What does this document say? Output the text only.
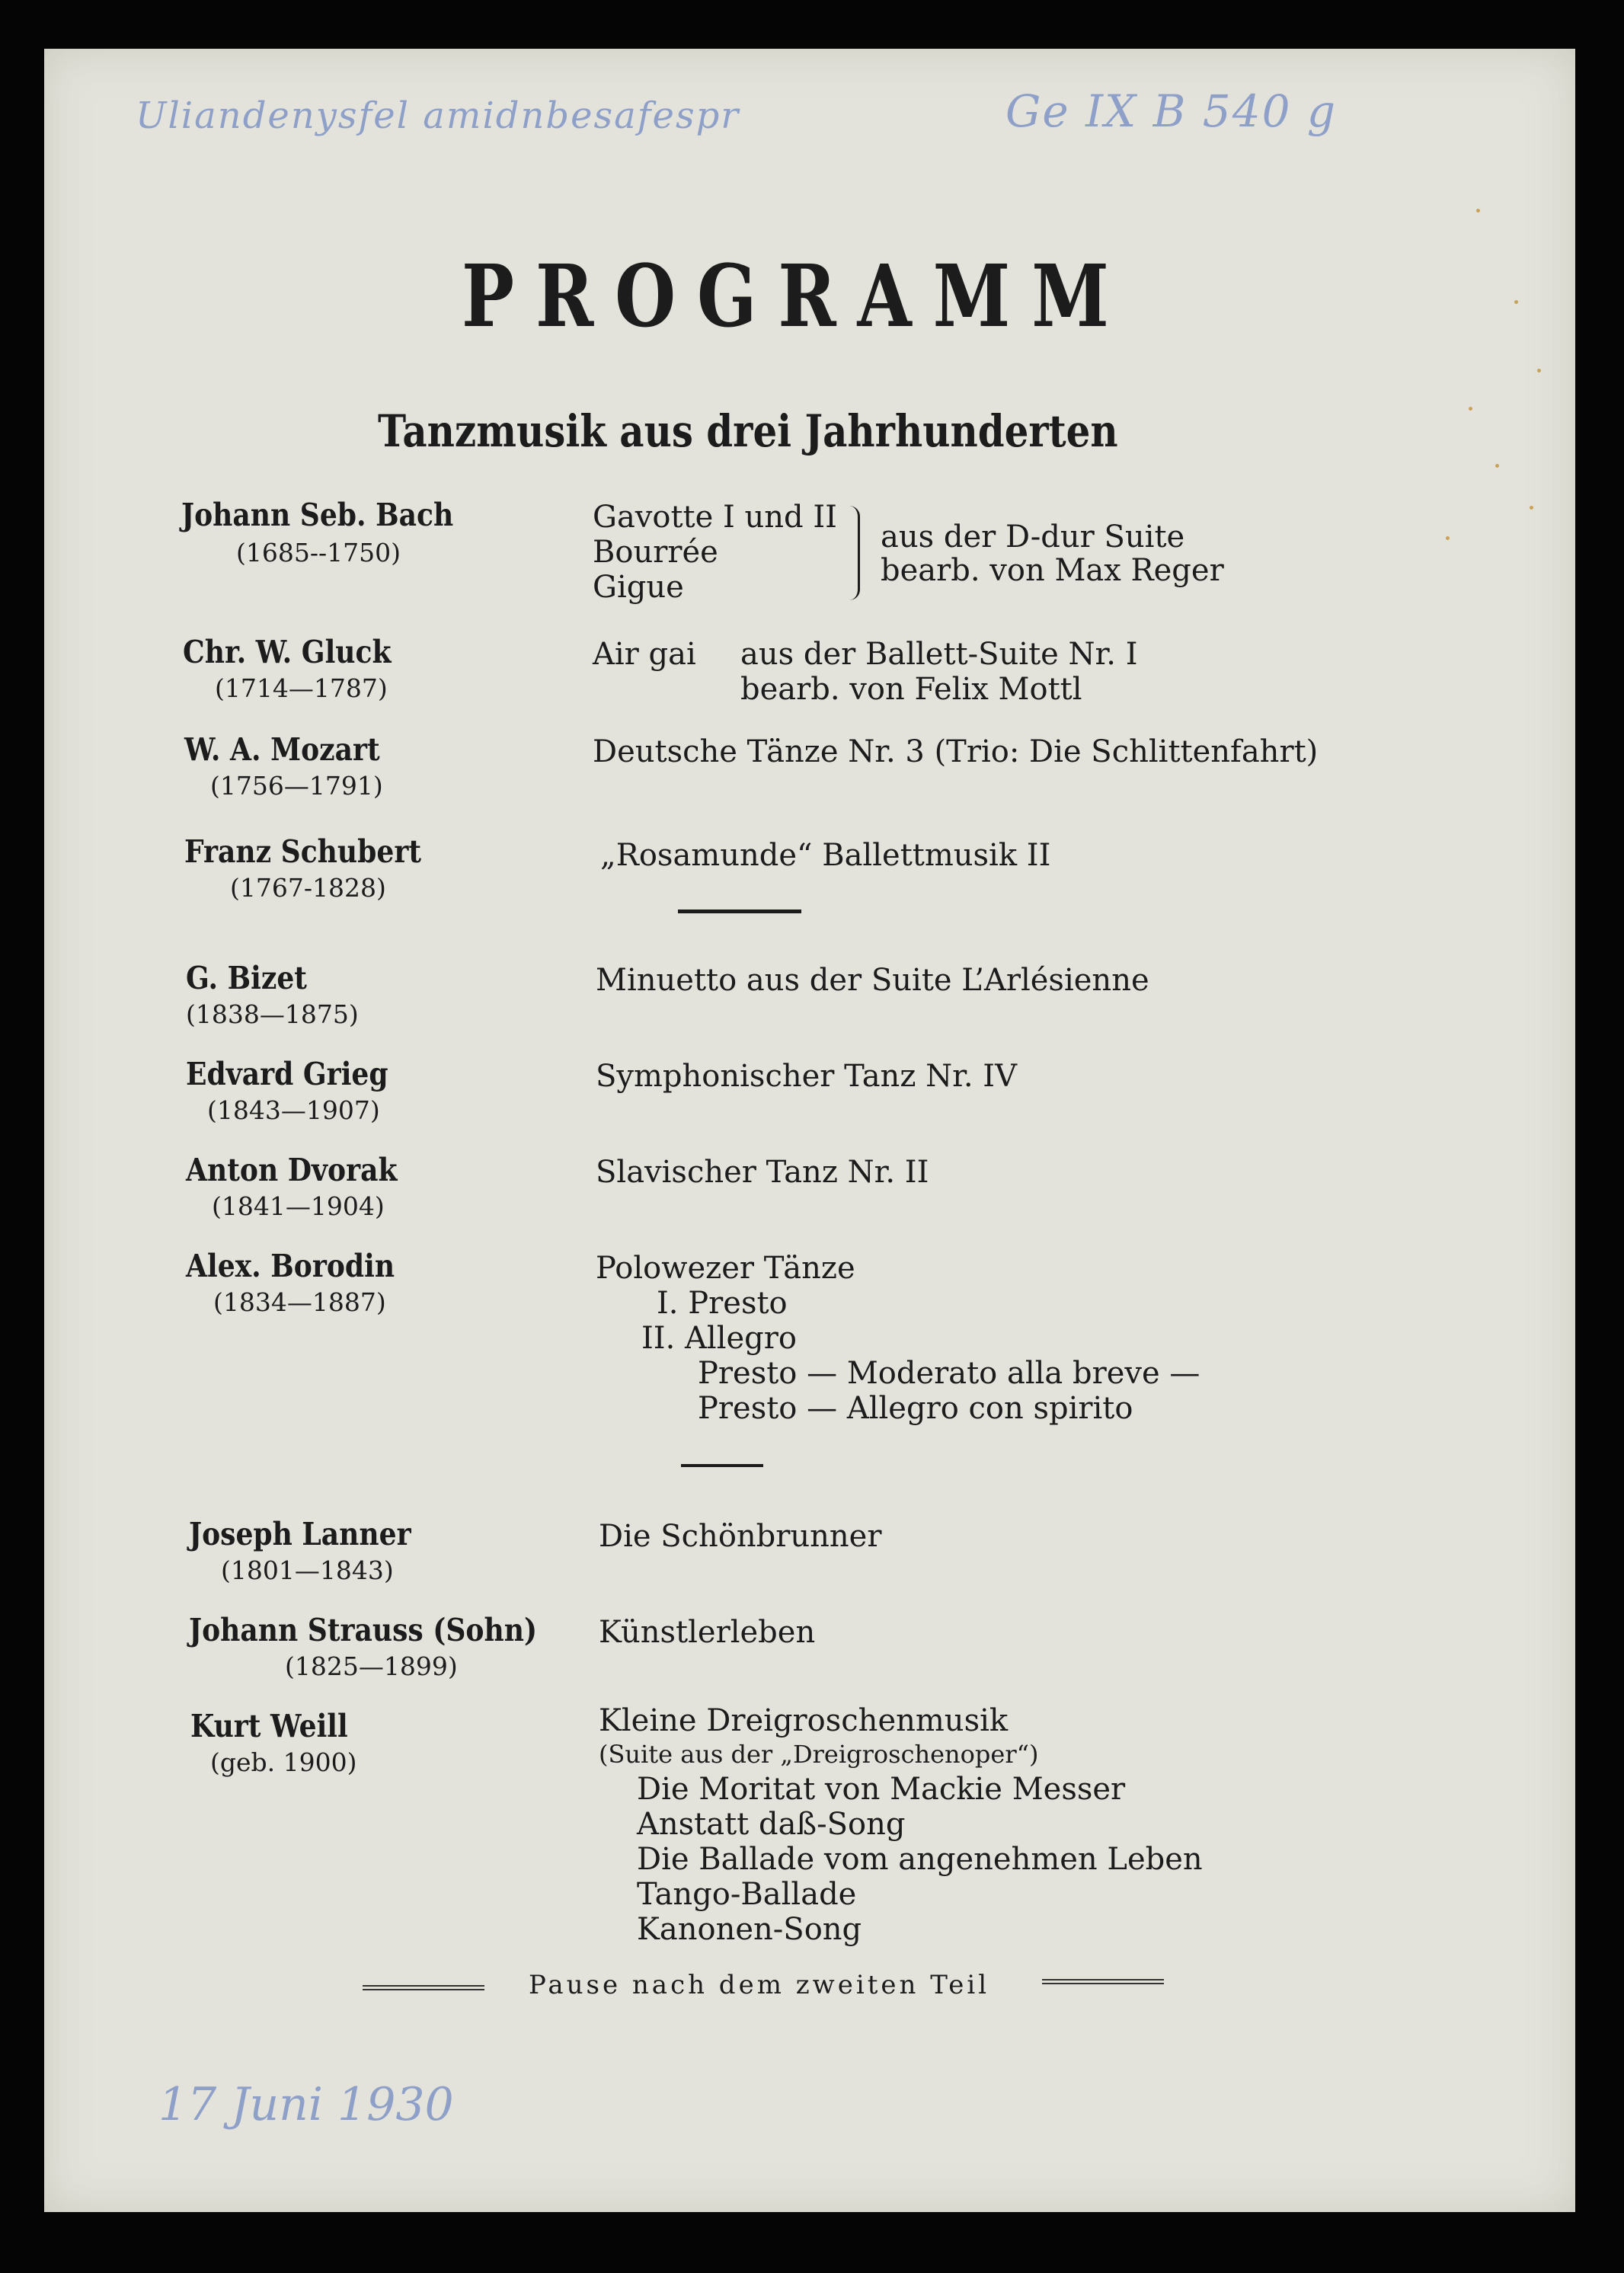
Uliandenysfel amidnbesafespr	Ge IX B 540 g
PROGRAMM
Tanzmusik aus drei Jahrhunderten
Johann Seb. Bach
(1685--1750)
Gavotte I und II
Bourrée
Gigue
aus der D-dur Suite
bearb. von Max Reger
Chr. W. Gluck
(1714—1787)
Air gai aus der Ballett-Suite Nr. I
bearb. von Felix Mottl
W. A. Mozart
(1756—1791)
Deutsche Tänze Nr. 3 (Trio: Die Schlittenfahrt)
Franz Schubert
(1767-1828)
„Rosamunde“ Ballettmusik II
G. Bizet
(1838—1875)
Minuetto aus der Suite L’Arlésienne
Edvard Grieg
(1843—1907)
Symphonischer Tanz Nr. IV
Anton Dvorak
(1841—1904)
Slavischer Tanz Nr. II
Alex. Borodin
(1834—1887)
Polowezer Tänze
I. Presto
II. Allegro
Presto — Moderato alla breve —
Presto — Allegro con spirito
Joseph Lanner
(1801—1843)
Die Schönbrunner
Johann Strauss (Sohn)
(1825—1899)
Künstlerleben
Kurt Weill
(geb. 1900)
Kleine Dreigroschenmusik
(Suite aus der „Dreigroschenoper“)
Die Moritat von Mackie Messer
Anstatt daß-Song
Die Ballade vom angenehmen Leben
Tango-Ballade
Kanonen-Song
Pause nach dem zweiten Teil
17 Juni 1930
